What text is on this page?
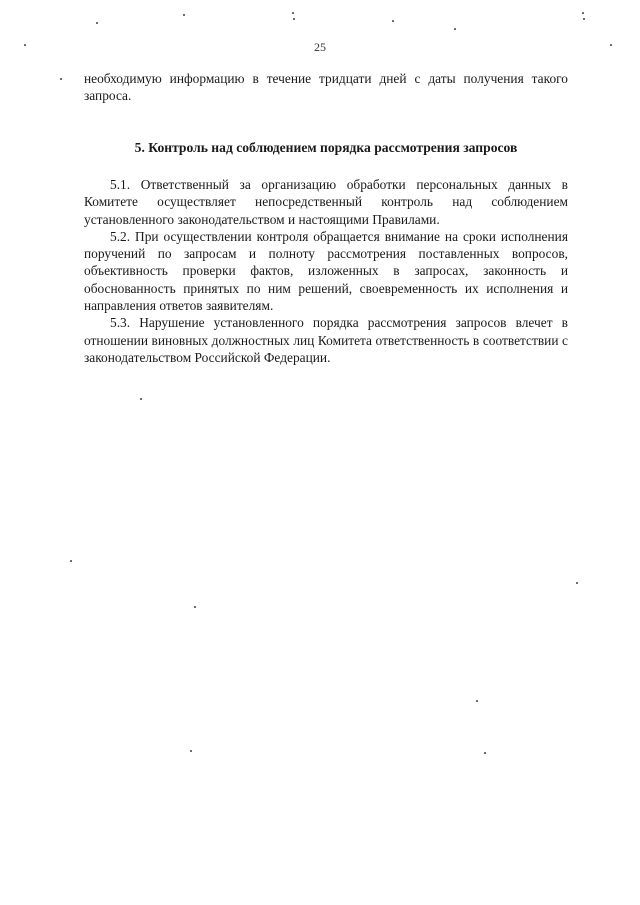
25

необходимую информацию в течение тридцати дней с даты получения такого запроса.

5. Контроль над соблюдением порядка рассмотрения запросов

5.1. Ответственный за организацию обработки персональных данных в Комитете осуществляет непосредственный контроль над соблюдением установленного законодательством и настоящими Правилами.

5.2. При осуществлении контроля обращается внимание на сроки исполнения поручений по запросам и полноту рассмотрения поставленных вопросов, объективность проверки фактов, изложенных в запросах, законность и обоснованность принятых по ним решений, своевременность их исполнения и направления ответов заявителям.

5.3. Нарушение установленного порядка рассмотрения запросов влечет в отношении виновных должностных лиц Комитета ответственность в соответствии с законодательством Российской Федерации.
